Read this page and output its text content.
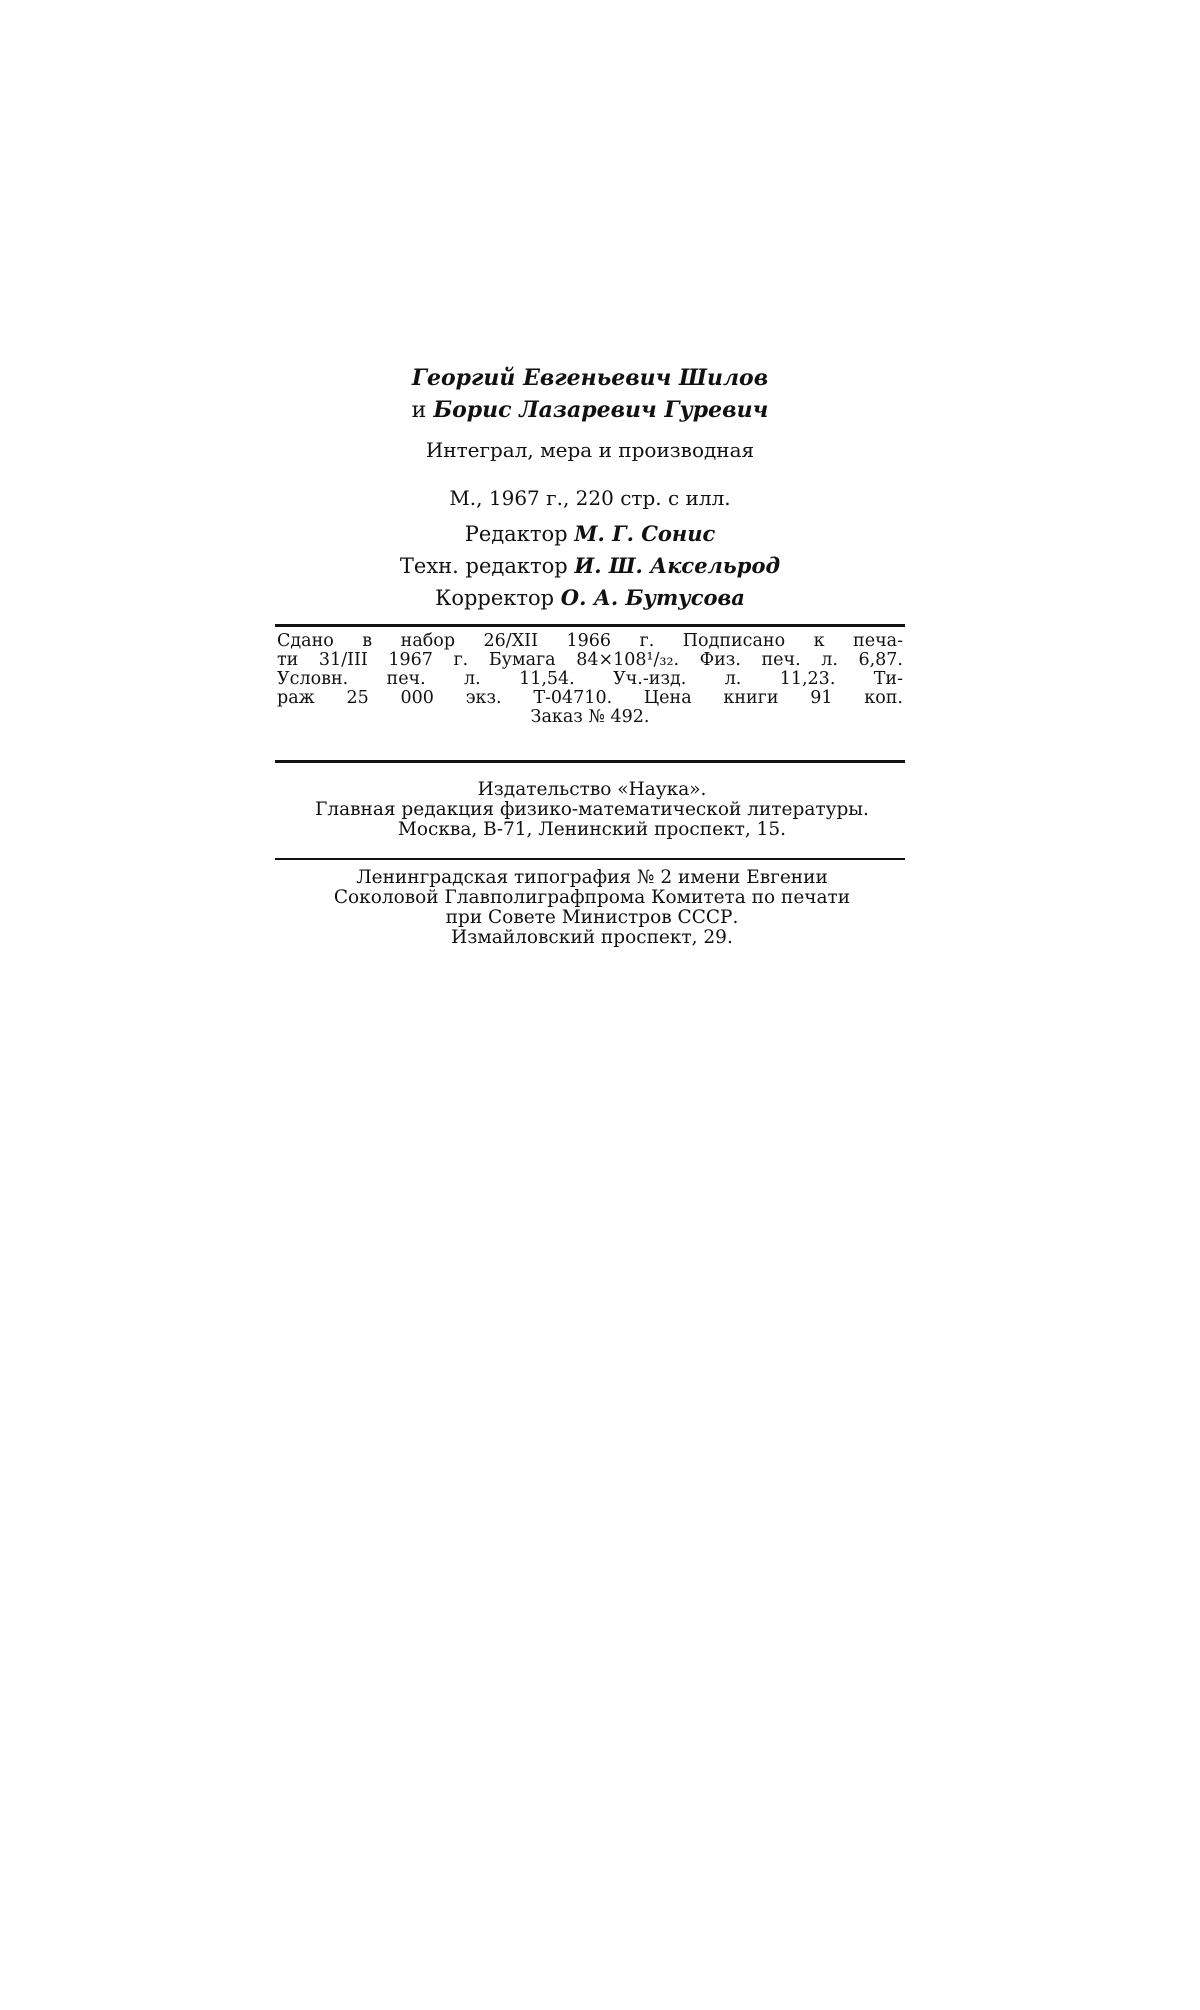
Георгий Евгеньевич Шилов
и Борис Лазаревич Гуревич
Интеграл, мера и производная
М., 1967 г., 220 стр. с илл.
Редактор М. Г. Сонис
Техн. редактор И. Ш. Аксельрод
Корректор О. А. Бутусова
Сдано в набор 26/XII 1966 г. Подписано к печа-
ти 31/III 1967 г. Бумага 84×108¹/₃₂. Физ. печ. л. 6,87.
Условн. печ. л. 11,54. Уч.-изд. л. 11,23. Ти-
раж 25 000 экз. Т-04710. Цена книги 91 коп.
Заказ № 492.
Издательство «Наука».
Главная редакция физико-математической литературы.
Москва, В-71, Ленинский проспект, 15.
Ленинградская типография № 2 имени Евгении
Соколовой Главполиграфпрома Комитета по печати
при Совете Министров СССР.
Измайловский проспект, 29.
